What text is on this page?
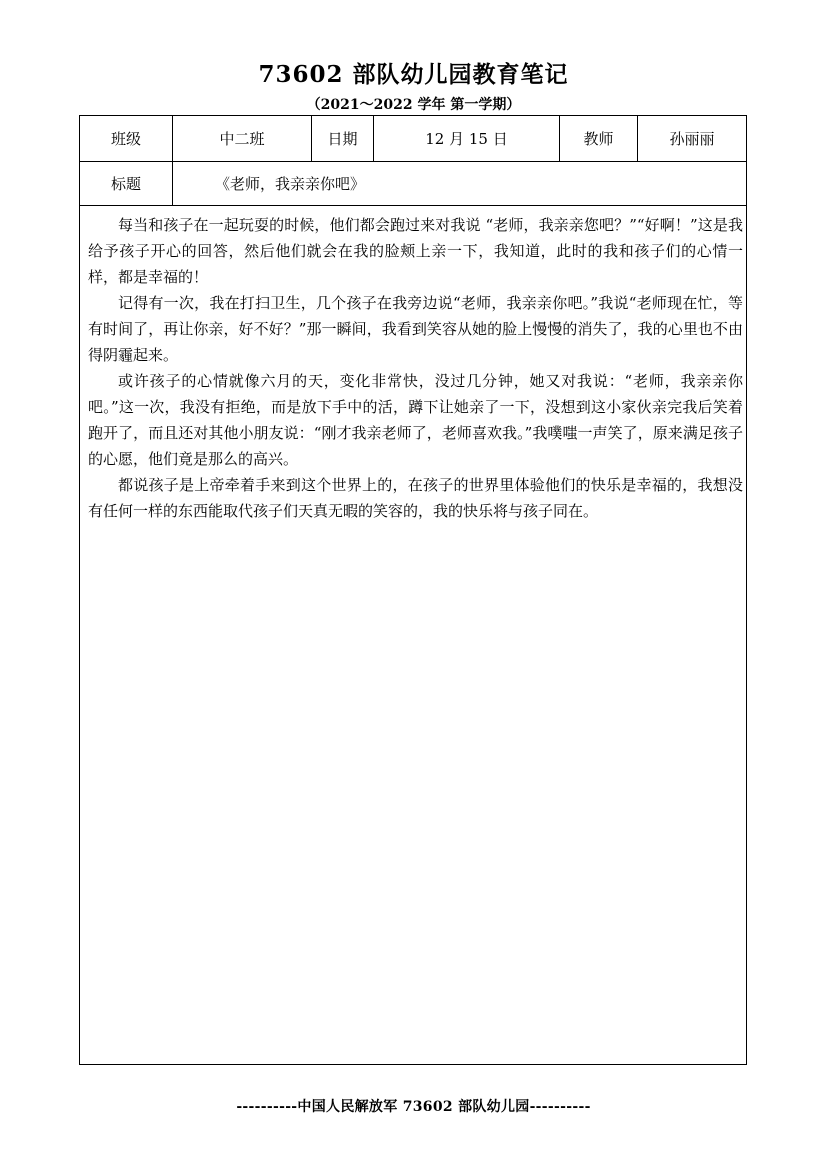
73602 部队幼儿园教育笔记
（2021～2022 学年 第一学期）
班级	中二班	日期	12 月 15 日	教师	孙丽丽
标题	《老师，我亲亲你吧》

每当和孩子在一起玩耍的时候，他们都会跑过来对我说 “老师，我亲亲您吧？”“好啊！”这是我给予孩子开心的回答，然后他们就会在我的脸颊上亲一下，我知道，此时的我和孩子们的心情一样，都是幸福的！

记得有一次，我在打扫卫生，几个孩子在我旁边说“老师，我亲亲你吧。”我说“老师现在忙，等有时间了，再让你亲，好不好？”那一瞬间，我看到笑容从她的脸上慢慢的消失了，我的心里也不由得阴霾起来。

或许孩子的心情就像六月的天，变化非常快，没过几分钟，她又对我说：“老师，我亲亲你吧。”这一次，我没有拒绝，而是放下手中的活，蹲下让她亲了一下，没想到这小家伙亲完我后笑着跑开了，而且还对其他小朋友说：“刚才我亲老师了，老师喜欢我。”我噗嗤一声笑了，原来满足孩子的心愿，他们竟是那么的高兴。

都说孩子是上帝牵着手来到这个世界上的，在孩子的世界里体验他们的快乐是幸福的，我想没有任何一样的东西能取代孩子们天真无暇的笑容的，我的快乐将与孩子同在。

----------中国人民解放军 73602 部队幼儿园----------
